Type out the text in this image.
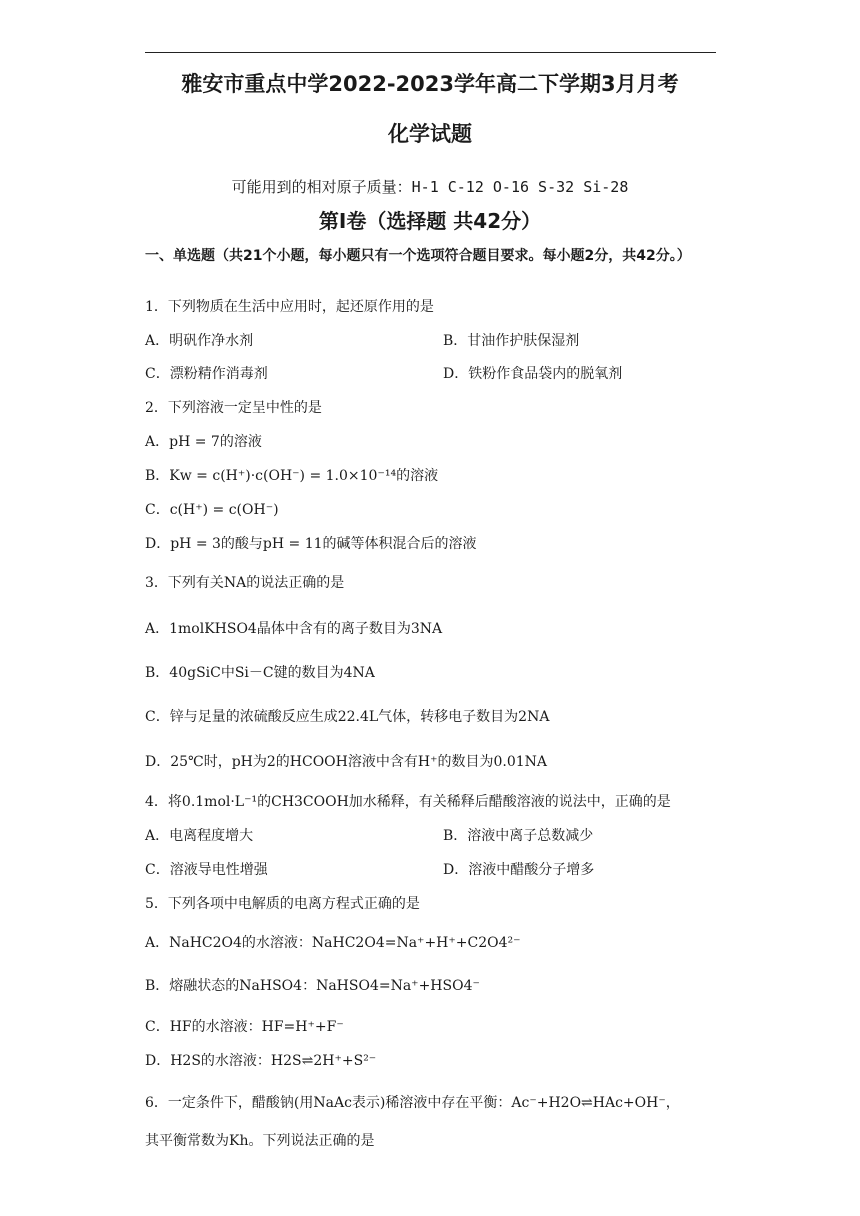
雅安市重点中学2022-2023学年高二下学期3月月考
化学试题
可能用到的相对原子质量：H-1 C-12 O-16 S-32 Si-28
第Ⅰ卷（选择题 共42分）
一、单选题（共21个小题，每小题只有一个选项符合题目要求。每小题2分，共42分。）
1．下列物质在生活中应用时，起还原作用的是
A．明矾作净水剂	B．甘油作护肤保湿剂
C．漂粉精作消毒剂	D．铁粉作食品袋内的脱氧剂
2．下列溶液一定呈中性的是
A．pH = 7的溶液
B．Kw = c(H⁺)·c(OH⁻) = 1.0×10⁻¹⁴的溶液
C．c(H⁺) = c(OH⁻)
D．pH = 3的酸与pH = 11的碱等体积混合后的溶液
3．下列有关NA的说法正确的是
A．1molKHSO4晶体中含有的离子数目为3NA
B．40gSiC中Si－C键的数目为4NA
C．锌与足量的浓硫酸反应生成22.4L气体，转移电子数目为2NA
D．25℃时，pH为2的HCOOH溶液中含有H⁺的数目为0.01NA
4．将0.1mol·L⁻¹的CH3COOH加水稀释，有关稀释后醋酸溶液的说法中，正确的是
A．电离程度增大	B．溶液中离子总数减少
C．溶液导电性增强	D．溶液中醋酸分子增多
5．下列各项中电解质的电离方程式正确的是
A．NaHC2O4的水溶液：NaHC2O4=Na⁺+H⁺+C2O4²⁻
B．熔融状态的NaHSO4：NaHSO4=Na⁺+HSO4⁻
C．HF的水溶液：HF=H⁺+F⁻
D．H2S的水溶液：H2S⇌2H⁺+S²⁻
6．一定条件下，醋酸钠(用NaAc表示)稀溶液中存在平衡：Ac⁻+H2O⇌HAc+OH⁻，
其平衡常数为Kh。下列说法正确的是
